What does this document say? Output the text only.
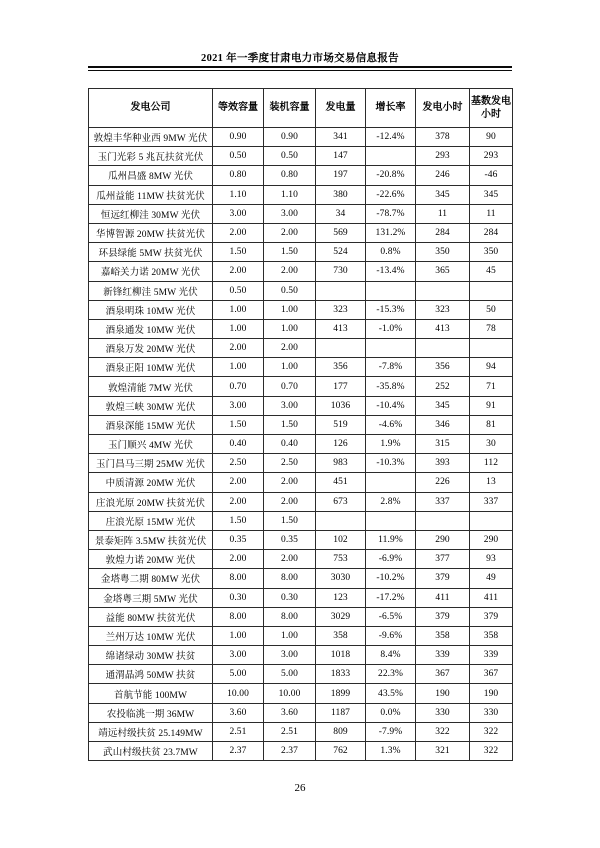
2021 年一季度甘肃电力市场交易信息报告
发电公司	等效容量	装机容量	发电量	增长率	发电小时	基数发电小时
敦煌丰华种业西 9MW 光伏	0.90	0.90	341	-12.4%	378	90
玉门光彩 5 兆瓦扶贫光伏	0.50	0.50	147		293	293
瓜州昌盛 8MW 光伏	0.80	0.80	197	-20.8%	246	-46
瓜州益能 11MW 扶贫光伏	1.10	1.10	380	-22.6%	345	345
恒远红柳洼 30MW 光伏	3.00	3.00	34	-78.7%	11	11
华博智源 20MW 扶贫光伏	2.00	2.00	569	131.2%	284	284
环县绿能 5MW 扶贫光伏	1.50	1.50	524	0.8%	350	350
嘉峪关力诺 20MW 光伏	2.00	2.00	730	-13.4%	365	45
新锋红柳洼 5MW 光伏	0.50	0.50				
酒泉明珠 10MW 光伏	1.00	1.00	323	-15.3%	323	50
酒泉通发 10MW 光伏	1.00	1.00	413	-1.0%	413	78
酒泉万发 20MW 光伏	2.00	2.00				
酒泉正阳 10MW 光伏	1.00	1.00	356	-7.8%	356	94
敦煌清能 7MW 光伏	0.70	0.70	177	-35.8%	252	71
敦煌三峡 30MW 光伏	3.00	3.00	1036	-10.4%	345	91
酒泉深能 15MW 光伏	1.50	1.50	519	-4.6%	346	81
玉门顺兴 4MW 光伏	0.40	0.40	126	1.9%	315	30
玉门昌马三期 25MW 光伏	2.50	2.50	983	-10.3%	393	112
中质清源 20MW 光伏	2.00	2.00	451		226	13
庄浪光原 20MW 扶贫光伏	2.00	2.00	673	2.8%	337	337
庄浪光原 15MW 光伏	1.50	1.50				
景泰矩阵 3.5MW 扶贫光伏	0.35	0.35	102	11.9%	290	290
敦煌力诺 20MW 光伏	2.00	2.00	753	-6.9%	377	93
金塔粤二期 80MW 光伏	8.00	8.00	3030	-10.2%	379	49
金塔粤三期 5MW 光伏	0.30	0.30	123	-17.2%	411	411
益能 80MW 扶贫光伏	8.00	8.00	3029	-6.5%	379	379
兰州万达 10MW 光伏	1.00	1.00	358	-9.6%	358	358
绵诸绿动 30MW 扶贫	3.00	3.00	1018	8.4%	339	339
通渭晶鸿 50MW 扶贫	5.00	5.00	1833	22.3%	367	367
首航节能 100MW	10.00	10.00	1899	43.5%	190	190
农投临洮一期 36MW	3.60	3.60	1187	0.0%	330	330
靖远村级扶贫 25.149MW	2.51	2.51	809	-7.9%	322	322
武山村级扶贫 23.7MW	2.37	2.37	762	1.3%	321	322
26
